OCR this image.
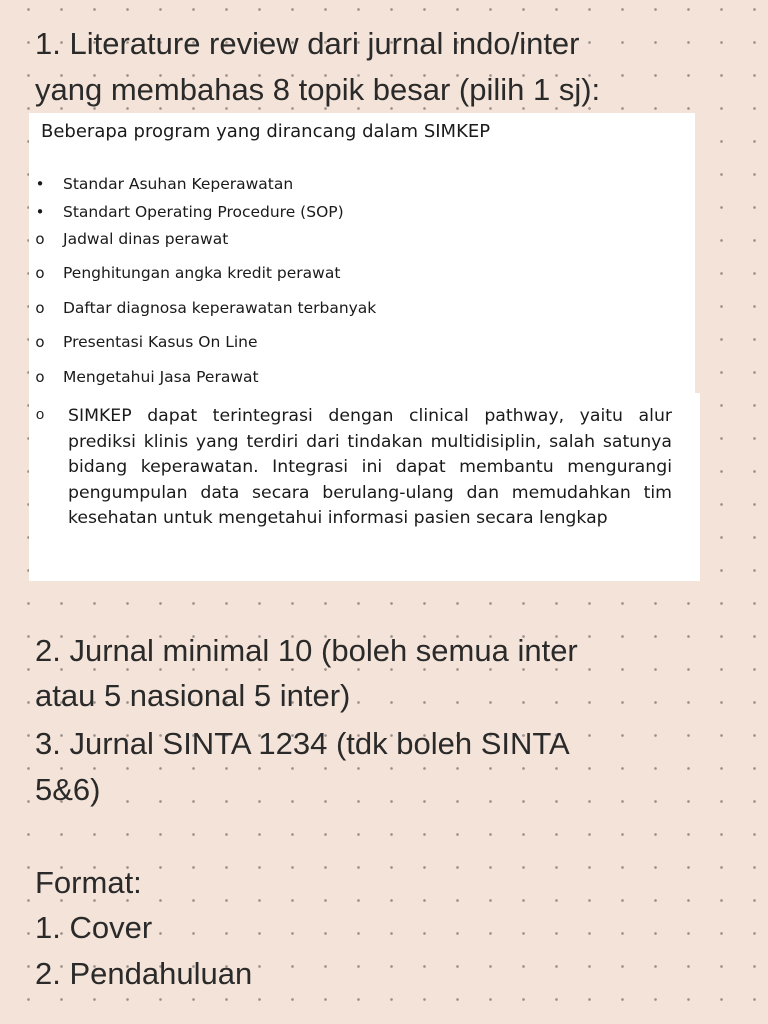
1. Literature review dari jurnal indo/inter

yang membahas 8 topik besar (pilih 1 sj):

Beberapa program yang dirancang dalam SIMKEP
• Standar Asuhan Keperawatan
• Standart Operating Procedure (SOP)
o Jadwal dinas perawat
o Penghitungan angka kredit perawat
o Daftar diagnosa keperawatan terbanyak
o Presentasi Kasus On Line
o Mengetahui Jasa Perawat
o SIMKEP dapat terintegrasi dengan clinical pathway, yaitu alur prediksi klinis yang terdiri dari tindakan multidisiplin, salah satunya bidang keperawatan. Integrasi ini dapat membantu mengurangi pengumpulan data secara berulang-ulang dan memudahkan tim kesehatan untuk mengetahui informasi pasien secara lengkap

2. Jurnal minimal 10 (boleh semua inter

atau 5 nasional 5 inter)

3. Jurnal SINTA 1234 (tdk boleh SINTA

5&6)

Format:

1. Cover

2. Pendahuluan
